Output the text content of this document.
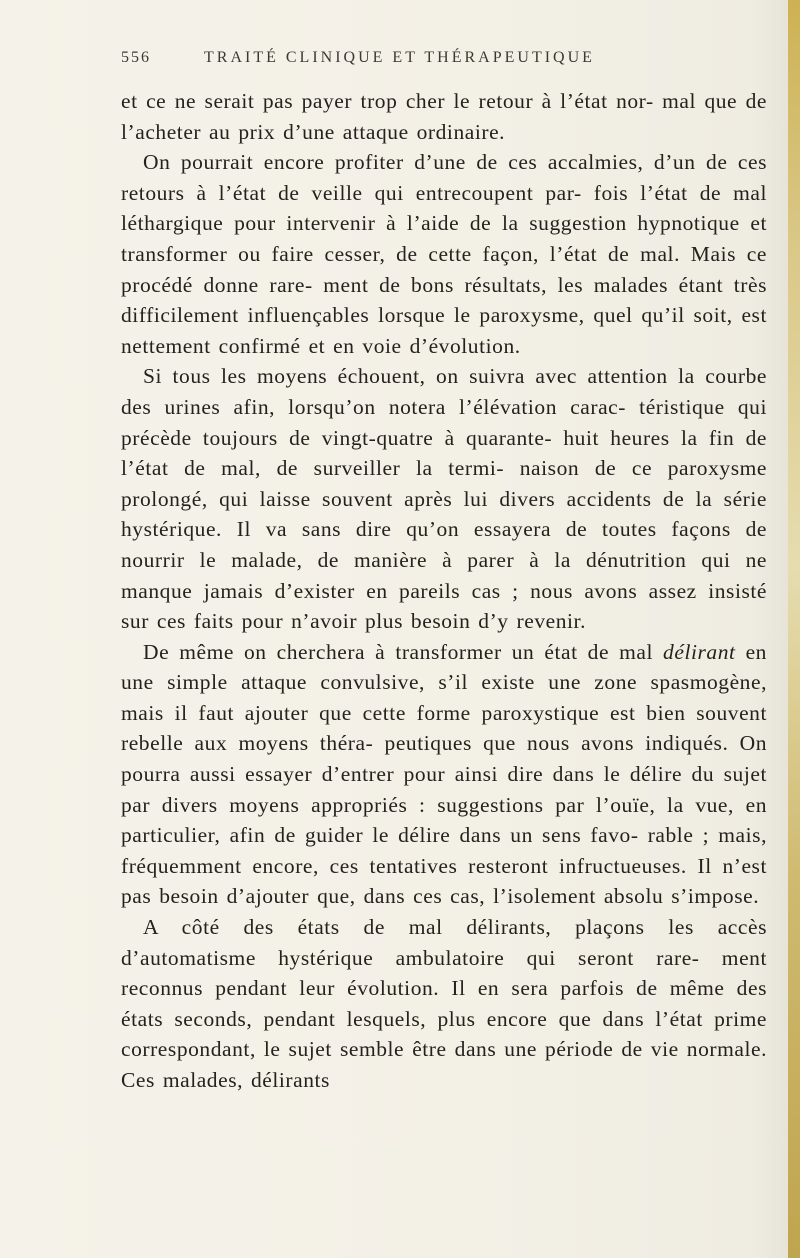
556	TRAITÉ CLINIQUE ET THÉRAPEUTIQUE

et ce ne serait pas payer trop cher le retour à l’état nor- mal que de l’acheter au prix d’une attaque ordinaire.

On pourrait encore profiter d’une de ces accalmies, d’un de ces retours à l’état de veille qui entrecoupent par- fois l’état de mal léthargique pour intervenir à l’aide de la suggestion hypnotique et transformer ou faire cesser, de cette façon, l’état de mal. Mais ce procédé donne rare- ment de bons résultats, les malades étant très difficilement influençables lorsque le paroxysme, quel qu’il soit, est nettement confirmé et en voie d’évolution.

Si tous les moyens échouent, on suivra avec attention la courbe des urines afin, lorsqu’on notera l’élévation carac- téristique qui précède toujours de vingt-quatre à quarante- huit heures la fin de l’état de mal, de surveiller la termi- naison de ce paroxysme prolongé, qui laisse souvent après lui divers accidents de la série hystérique. Il va sans dire qu’on essayera de toutes façons de nourrir le malade, de manière à parer à la dénutrition qui ne manque jamais d’exister en pareils cas ; nous avons assez insisté sur ces faits pour n’avoir plus besoin d’y revenir.

De même on cherchera à transformer un état de mal délirant en une simple attaque convulsive, s’il existe une zone spasmogène, mais il faut ajouter que cette forme paroxystique est bien souvent rebelle aux moyens théra- peutiques que nous avons indiqués. On pourra aussi essayer d’entrer pour ainsi dire dans le délire du sujet par divers moyens appropriés : suggestions par l’ouïe, la vue, en particulier, afin de guider le délire dans un sens favo- rable ; mais, fréquemment encore, ces tentatives resteront infructueuses. Il n’est pas besoin d’ajouter que, dans ces cas, l’isolement absolu s’impose.

A côté des états de mal délirants, plaçons les accès d’automatisme hystérique ambulatoire qui seront rare- ment reconnus pendant leur évolution. Il en sera parfois de même des états seconds, pendant lesquels, plus encore que dans l’état prime correspondant, le sujet semble être dans une période de vie normale. Ces malades, délirants
